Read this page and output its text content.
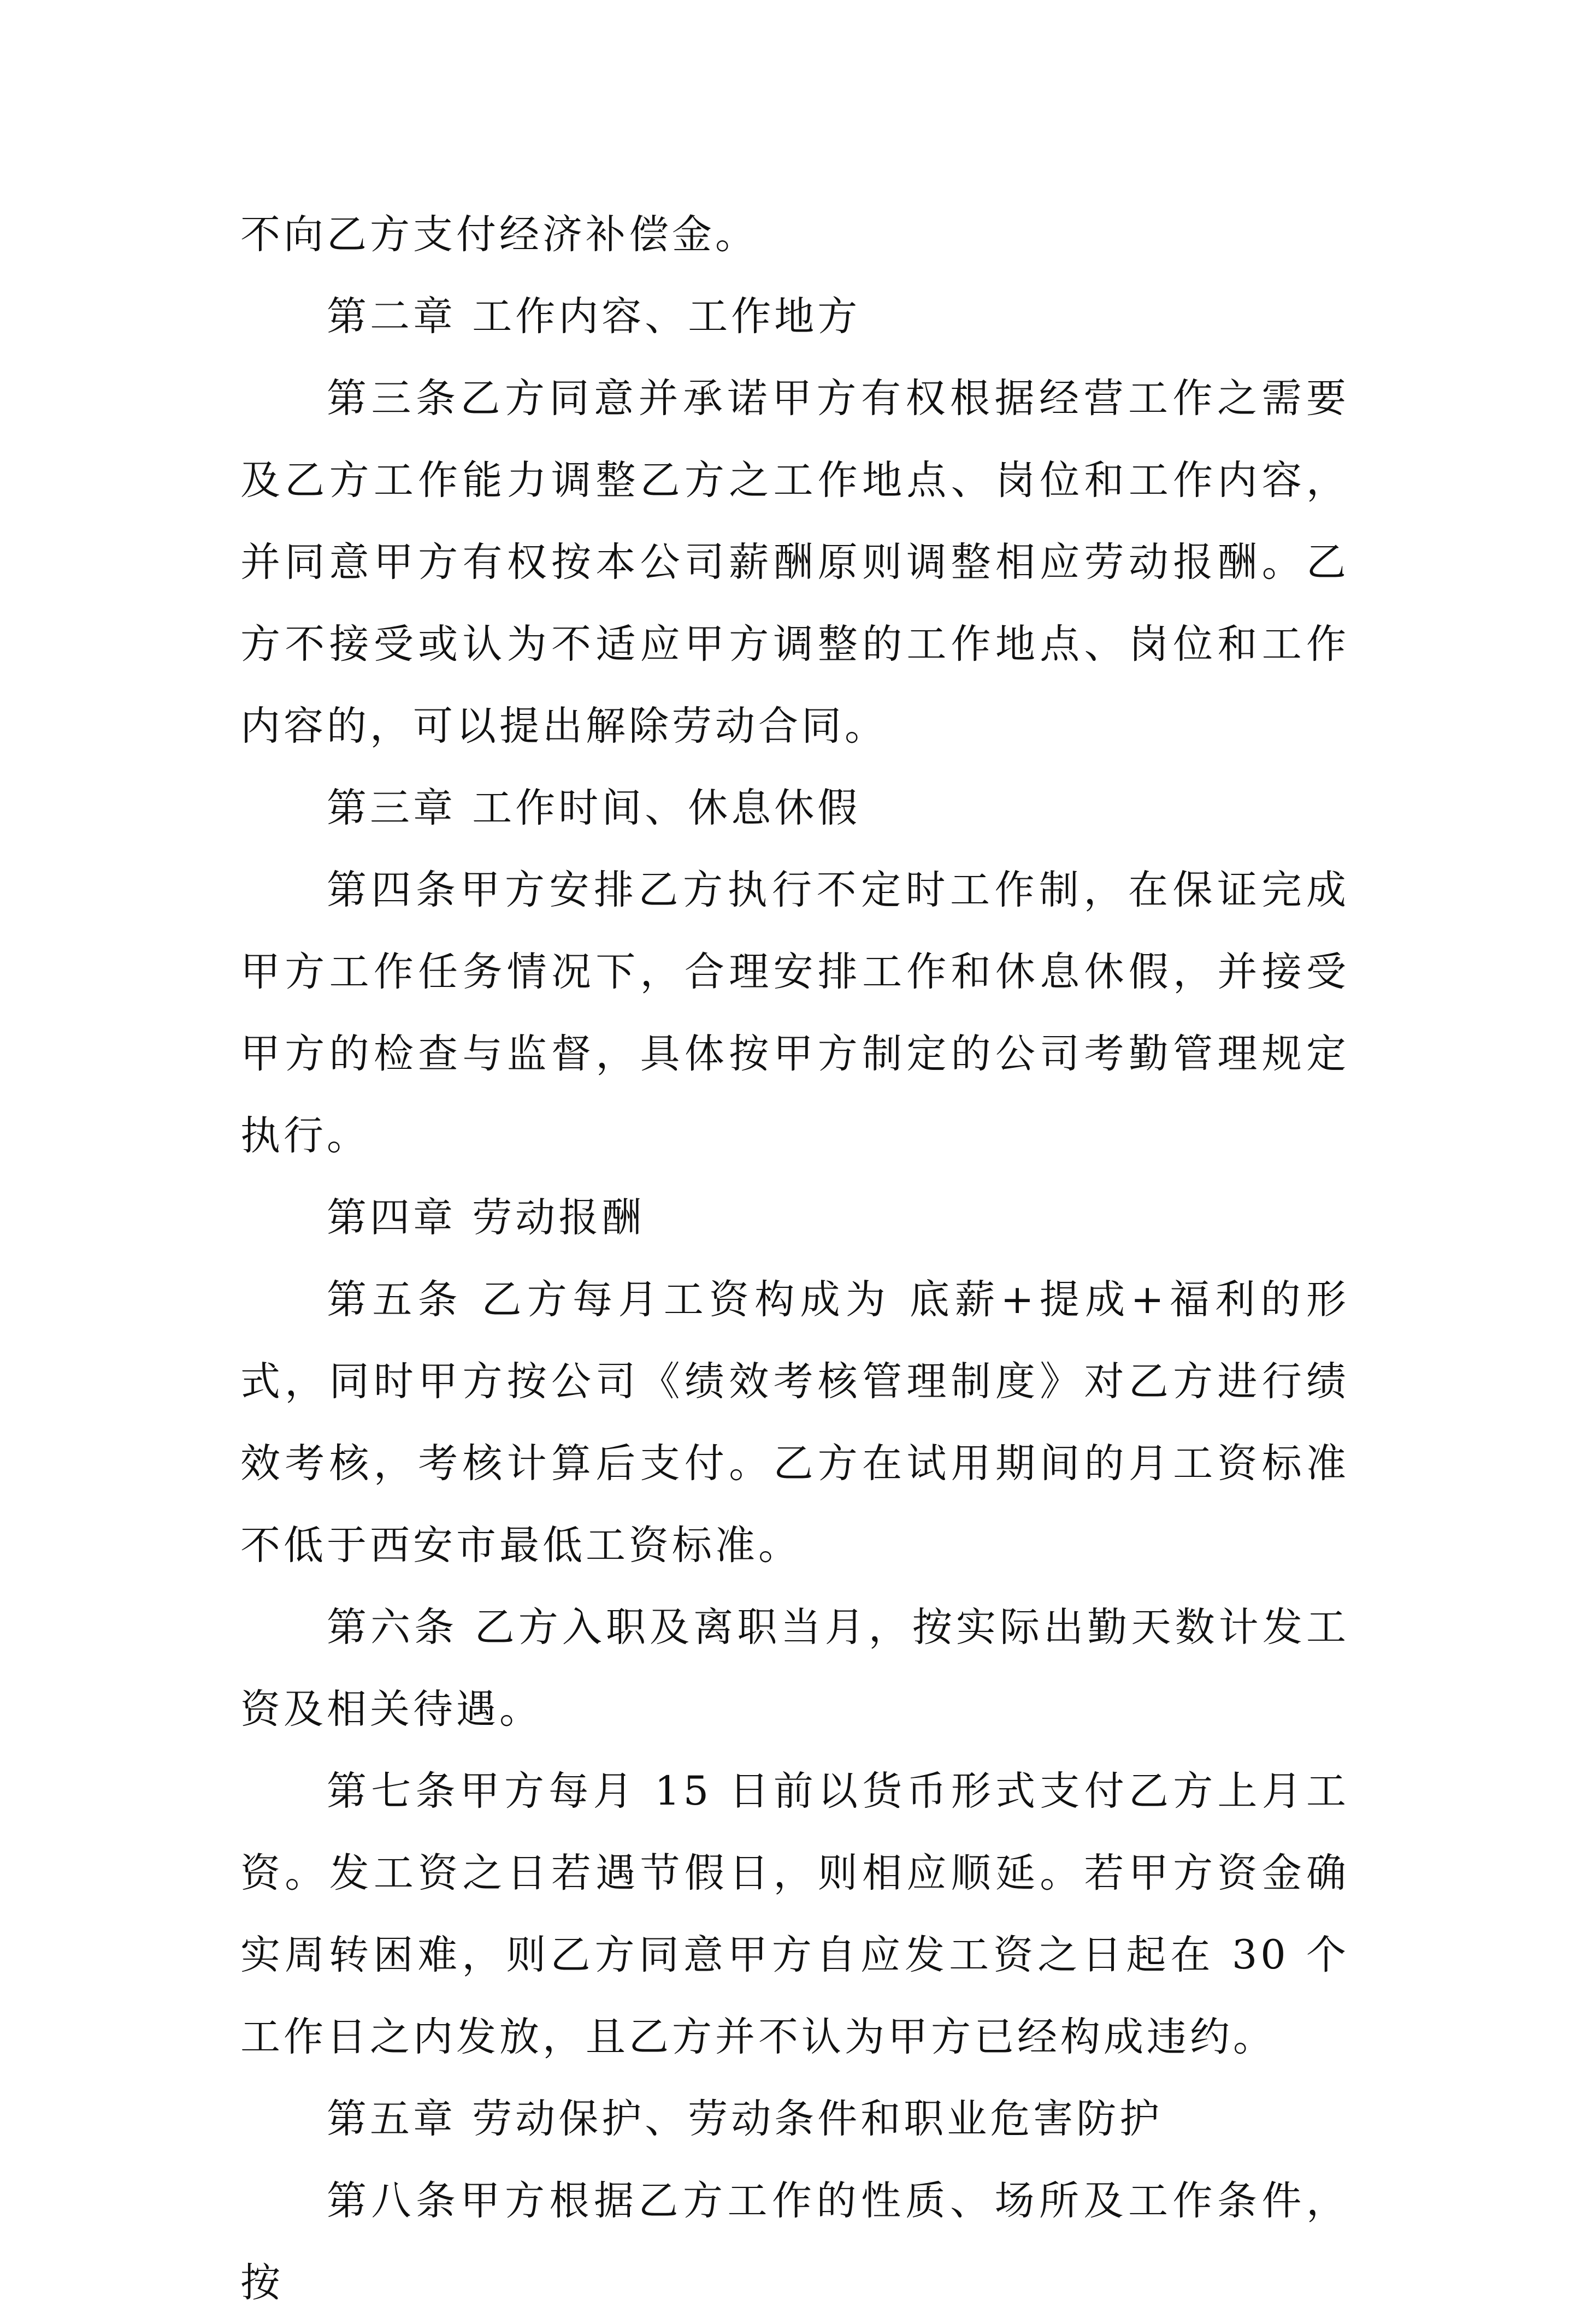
不向乙方支付经济补偿金。

第二章 工作内容、工作地方

第三条乙方同意并承诺甲方有权根据经营工作之需要及乙方工作能力调整乙方之工作地点、岗位和工作内容，并同意甲方有权按本公司薪酬原则调整相应劳动报酬。乙方不接受或认为不适应甲方调整的工作地点、岗位和工作内容的，可以提出解除劳动合同。

第三章 工作时间、休息休假

第四条甲方安排乙方执行不定时工作制，在保证完成甲方工作任务情况下，合理安排工作和休息休假，并接受甲方的检查与监督，具体按甲方制定的公司考勤管理规定执行。

第四章 劳动报酬

第五条 乙方每月工资构成为 底薪+提成+福利的形式，同时甲方按公司《绩效考核管理制度》对乙方进行绩效考核，考核计算后支付。乙方在试用期间的月工资标准不低于西安市最低工资标准。

第六条 乙方入职及离职当月，按实际出勤天数计发工资及相关待遇。

第七条甲方每月 15 日前以货币形式支付乙方上月工资。发工资之日若遇节假日，则相应顺延。若甲方资金确实周转困难，则乙方同意甲方自应发工资之日起在 30 个工作日之内发放，且乙方并不认为甲方已经构成违约。

第五章 劳动保护、劳动条件和职业危害防护

第八条甲方根据乙方工作的性质、场所及工作条件，按
